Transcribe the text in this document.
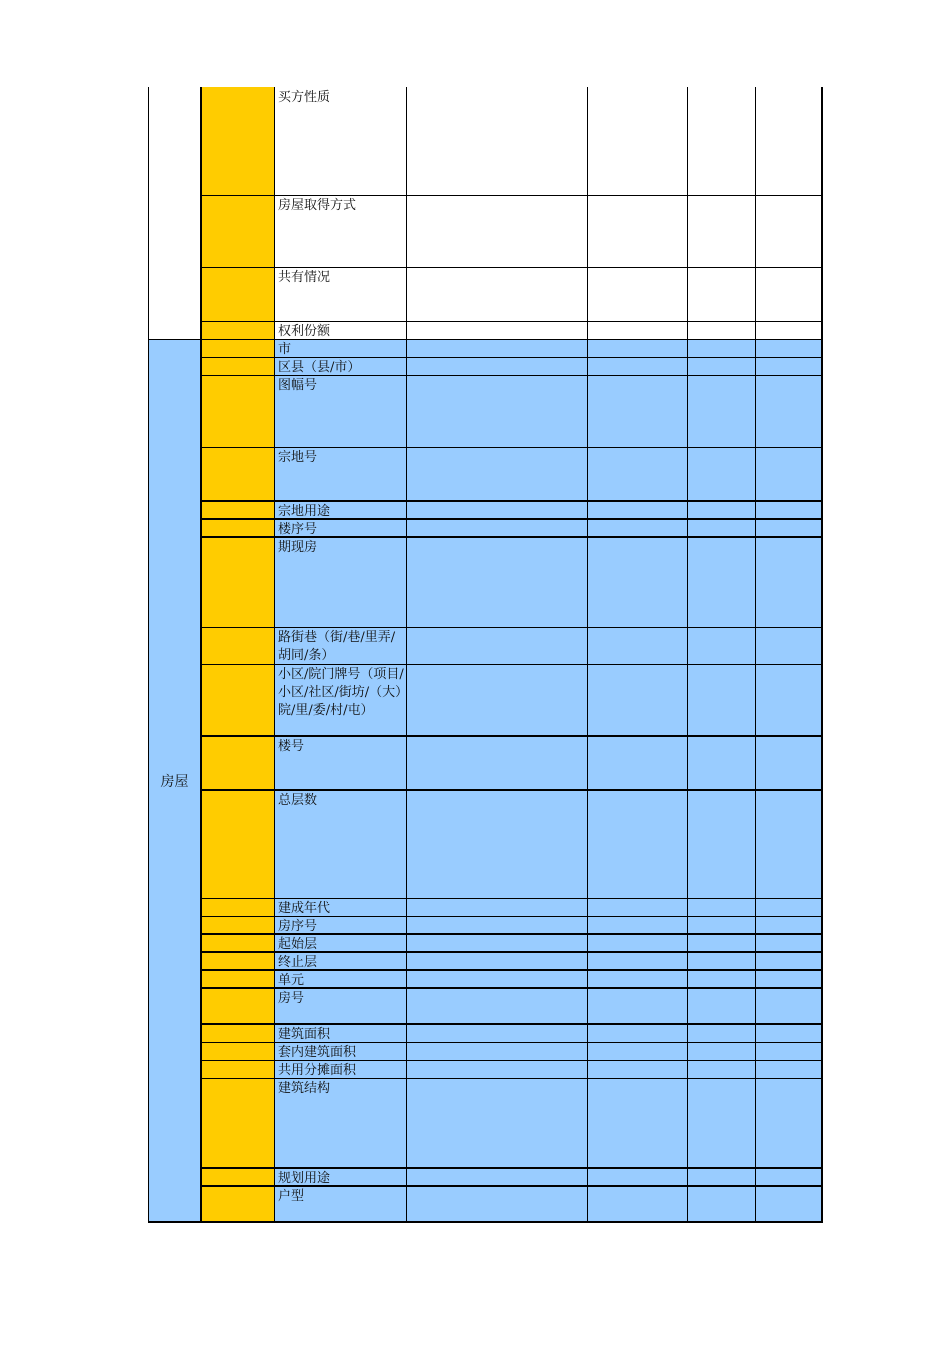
房屋
买方性质
房屋取得方式
共有情况
权利份额
市
区县（县/市）
图幅号
宗地号
宗地用途
楼序号
期现房
路街巷（街/巷/里弄/胡同/条）
小区/院门牌号（项目/小区/社区/街坊/（大）院/里/委/村/屯）
楼号
总层数
建成年代
房序号
起始层
终止层
单元
房号
建筑面积
套内建筑面积
共用分摊面积
建筑结构
规划用途
户型
